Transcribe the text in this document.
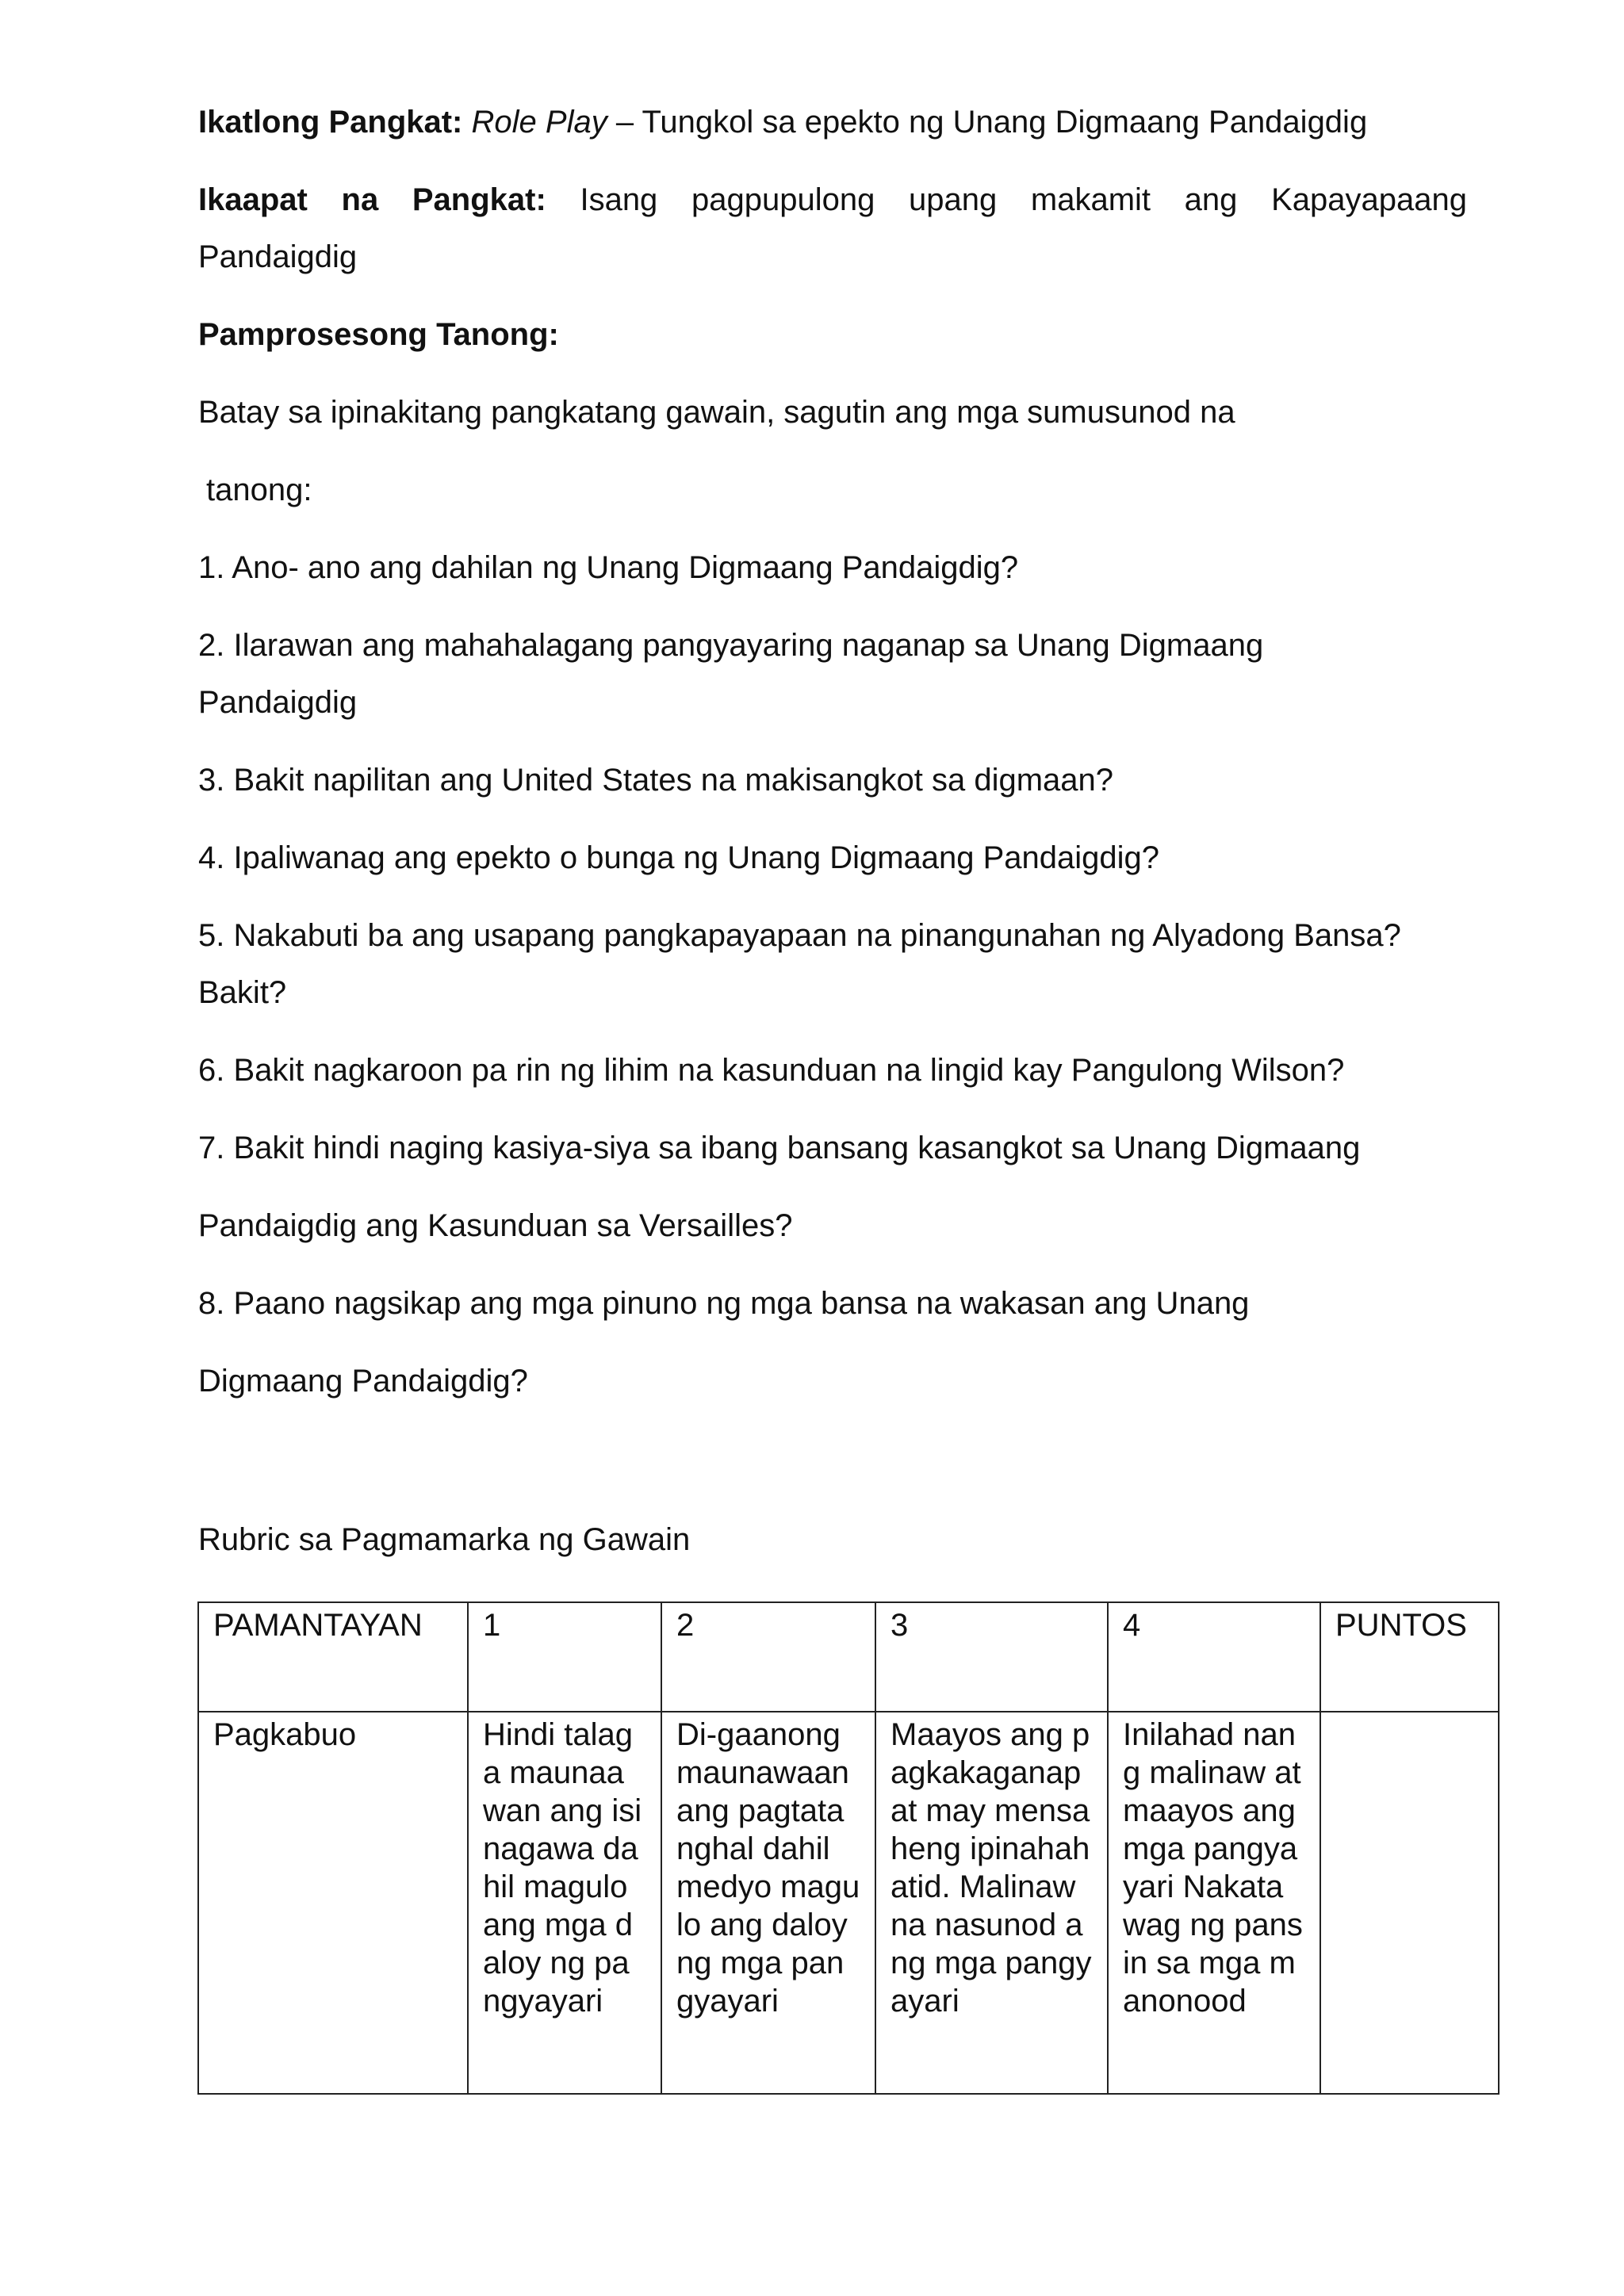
Ikatlong Pangkat: Role Play – Tungkol sa epekto ng Unang Digmaang Pandaigdig

Ikaapat na Pangkat: Isang pagpupulong upang makamit ang Kapayapaang

Pandaigdig

Pamprosesong Tanong:

Batay sa ipinakitang pangkatang gawain, sagutin ang mga sumusunod na

tanong:

1. Ano- ano ang dahilan ng Unang Digmaang Pandaigdig?

2. Ilarawan ang mahahalagang pangyayaring naganap sa Unang Digmaang

Pandaigdig

3. Bakit napilitan ang United States na makisangkot sa digmaan?

4. Ipaliwanag ang epekto o bunga ng Unang Digmaang Pandaigdig?

5. Nakabuti ba ang usapang pangkapayapaan na pinangunahan ng Alyadong Bansa?

Bakit?

6. Bakit nagkaroon pa rin ng lihim na kasunduan na lingid kay Pangulong Wilson?

7. Bakit hindi naging kasiya-siya sa ibang bansang kasangkot sa Unang Digmaang

Pandaigdig ang Kasunduan sa Versailles?

8. Paano nagsikap ang mga pinuno ng mga bansa na wakasan ang Unang

Digmaang Pandaigdig?

Rubric sa Pagmamarka ng Gawain

PAMANTAYAN	1	2	3	4	PUNTOS
Pagkabuo	Hindi talaga maunaawan ang isinagawa dahil magulo ang mga daloy ng pangyayari	Di-gaanong maunawaan ang pagtatanghal dahil medyo magulo ang daloy ng mga pangyayari	Maayos ang pagkakaganap at may mensaheng ipinahahatid. Malinaw na nasunod ang mga pangyayari	Inilahad nang malinaw at maayos ang mga pangyayari Nakatawag ng pansin sa mga manonood	
